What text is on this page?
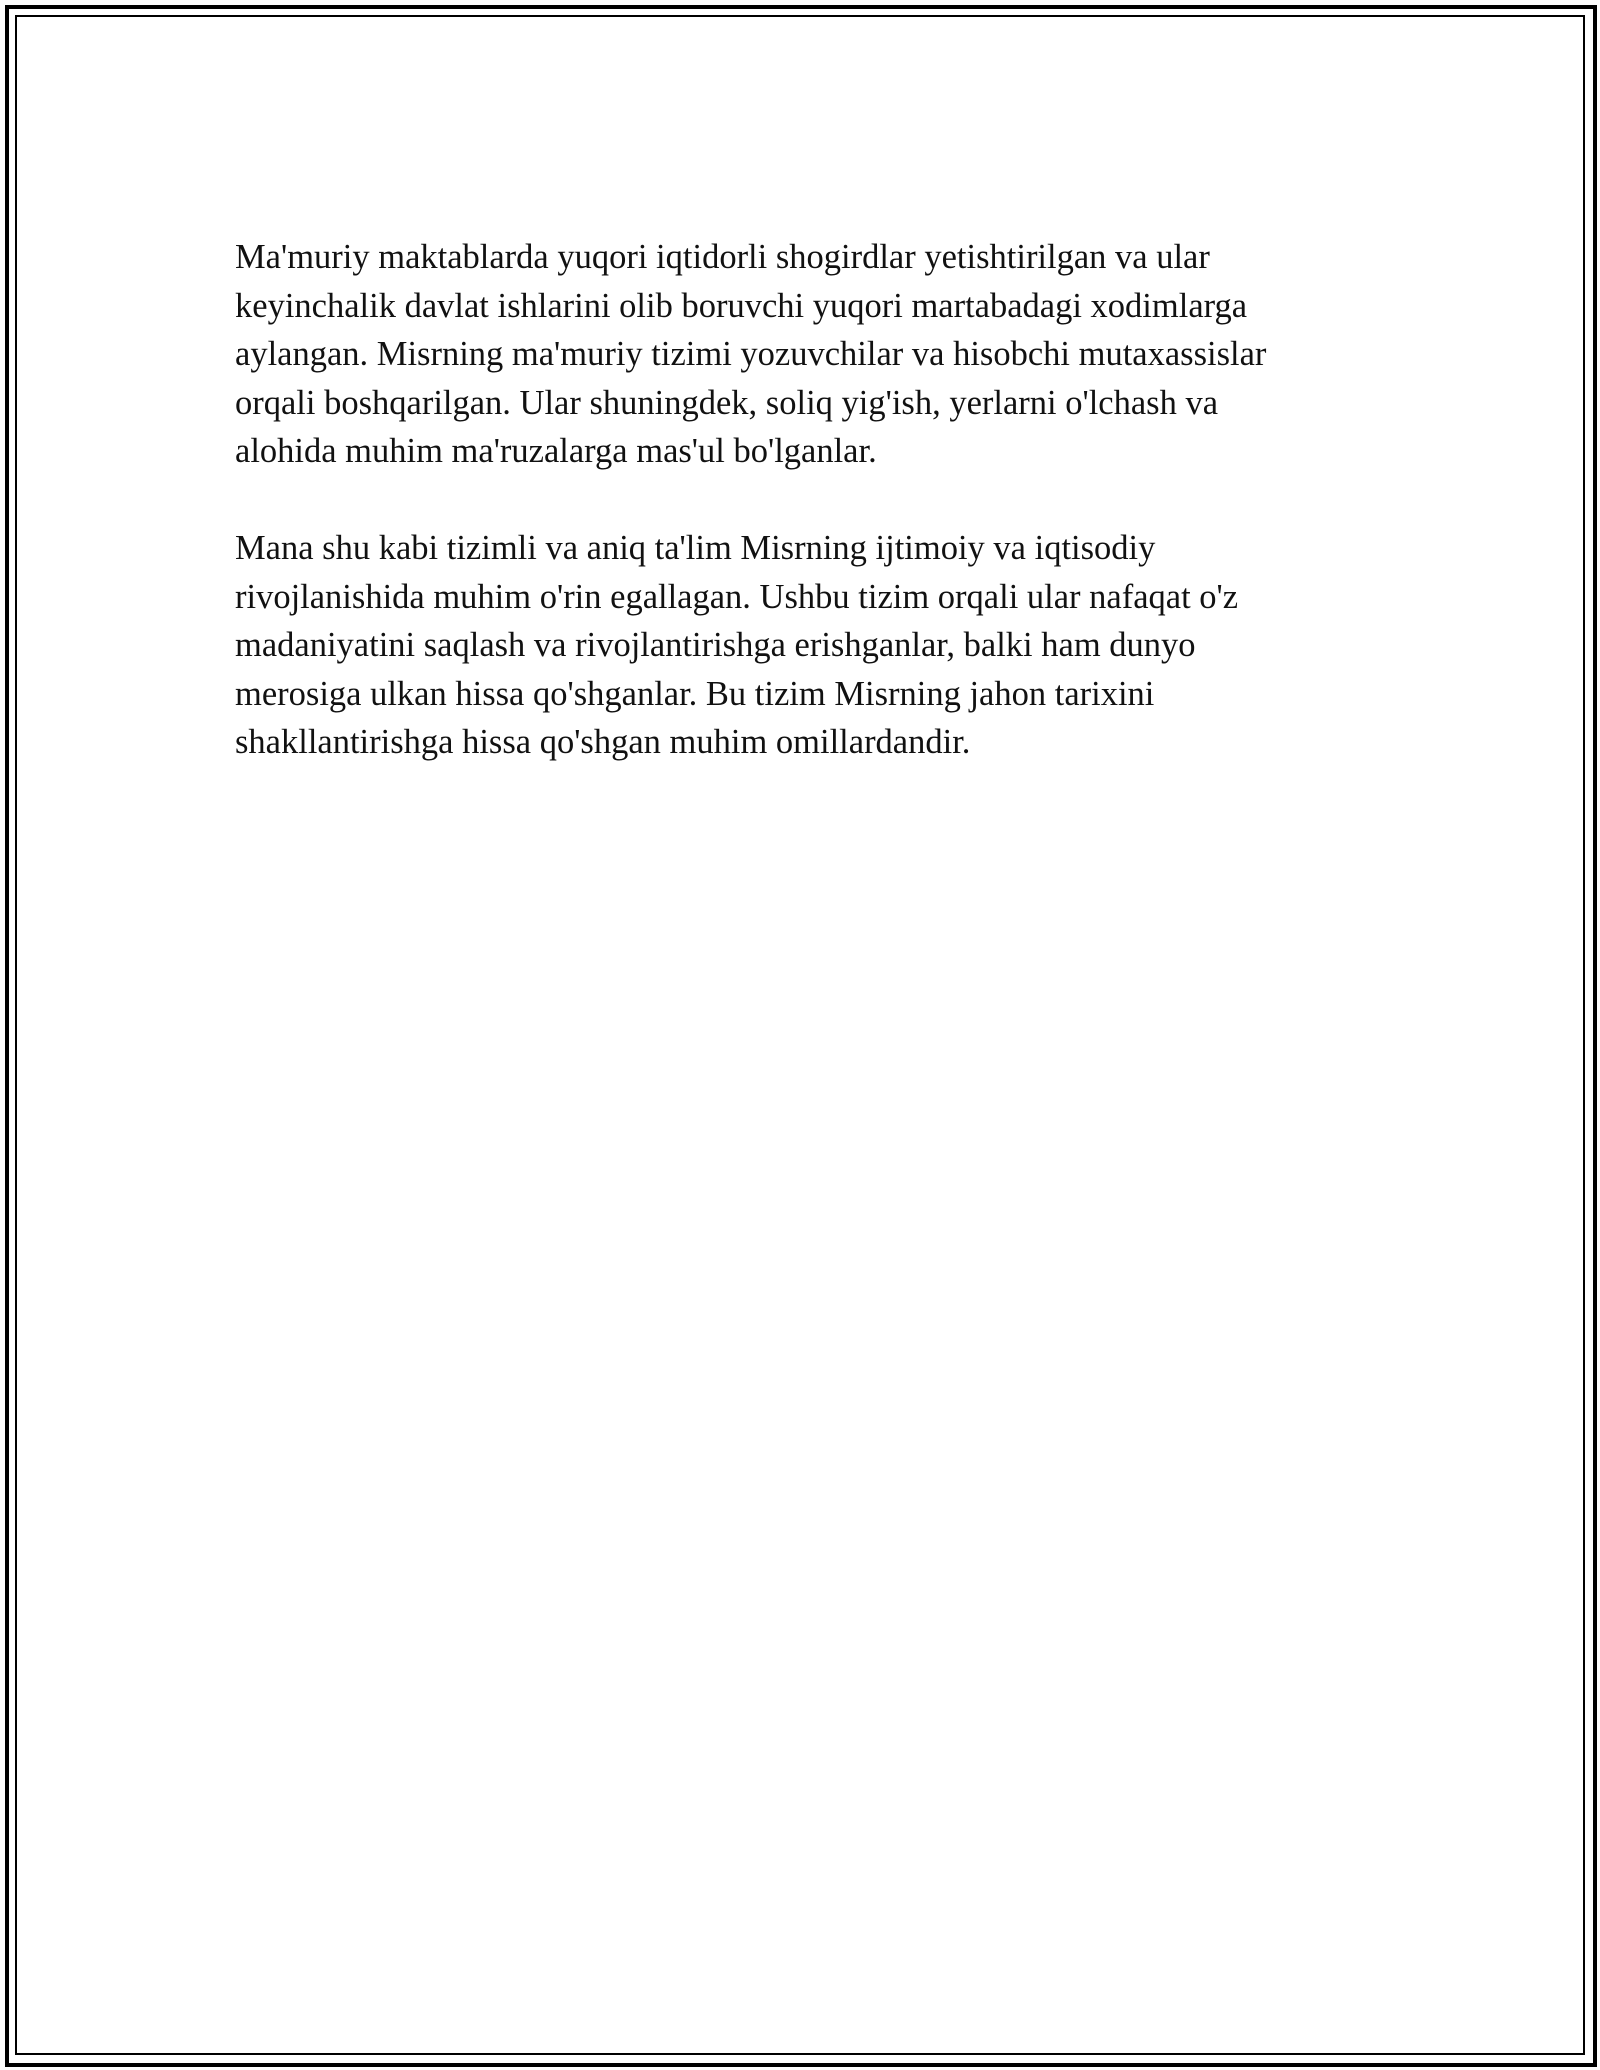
Ma'muriy maktablarda yuqori iqtidorli shogirdlar yetishtirilgan va ular
keyinchalik davlat ishlarini olib boruvchi yuqori martabadagi xodimlarga
aylangan. Misrning ma'muriy tizimi yozuvchilar va hisobchi mutaxassislar
orqali boshqarilgan. Ular shuningdek, soliq yig'ish, yerlarni o'lchash va
alohida muhim ma'ruzalarga mas'ul bo'lganlar.

Mana shu kabi tizimli va aniq ta'lim Misrning ijtimoiy va iqtisodiy
rivojlanishida muhim o'rin egallagan. Ushbu tizim orqali ular nafaqat o'z
madaniyatini saqlash va rivojlantirishga erishganlar, balki ham dunyo
merosiga ulkan hissa qo'shganlar. Bu tizim Misrning jahon tarixini
shakllantirishga hissa qo'shgan muhim omillardandir.
